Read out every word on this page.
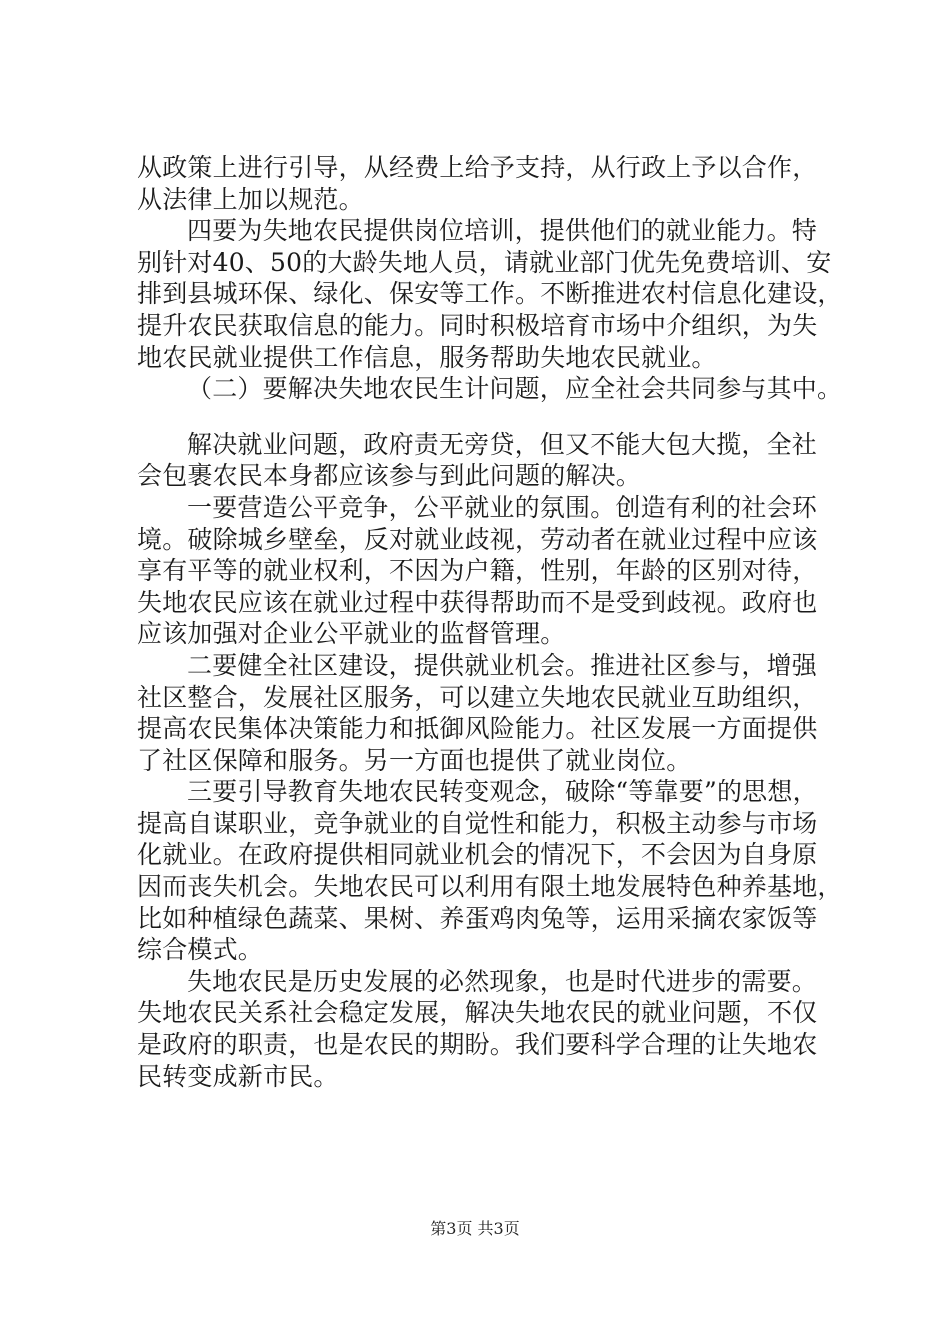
从政策上进行引导，从经费上给予支持，从行政上予以合作，
从法律上加以规范。
四要为失地农民提供岗位培训，提供他们的就业能力。特
别针对40、50的大龄失地人员，请就业部门优先免费培训、安
排到县城环保、绿化、保安等工作。不断推进农村信息化建设，
提升农民获取信息的能力。同时积极培育市场中介组织，为失
地农民就业提供工作信息，服务帮助失地农民就业。
（二）要解决失地农民生计问题，应全社会共同参与其中。
解决就业问题，政府责无旁贷，但又不能大包大揽，全社
会包裹农民本身都应该参与到此问题的解决。
一要营造公平竞争，公平就业的氛围。创造有利的社会环
境。破除城乡壁垒，反对就业歧视，劳动者在就业过程中应该
享有平等的就业权利，不因为户籍，性别，年龄的区别对待，
失地农民应该在就业过程中获得帮助而不是受到歧视。政府也
应该加强对企业公平就业的监督管理。
二要健全社区建设，提供就业机会。推进社区参与，增强
社区整合，发展社区服务，可以建立失地农民就业互助组织，
提高农民集体决策能力和抵御风险能力。社区发展一方面提供
了社区保障和服务。另一方面也提供了就业岗位。
三要引导教育失地农民转变观念，破除“等靠要”的思想，
提高自谋职业，竞争就业的自觉性和能力，积极主动参与市场
化就业。在政府提供相同就业机会的情况下，不会因为自身原
因而丧失机会。失地农民可以利用有限土地发展特色种养基地，
比如种植绿色蔬菜、果树、养蛋鸡肉兔等，运用采摘农家饭等
综合模式。
失地农民是历史发展的必然现象，也是时代进步的需要。
失地农民关系社会稳定发展，解决失地农民的就业问题，不仅
是政府的职责，也是农民的期盼。我们要科学合理的让失地农
民转变成新市民。
第3页 共3页
